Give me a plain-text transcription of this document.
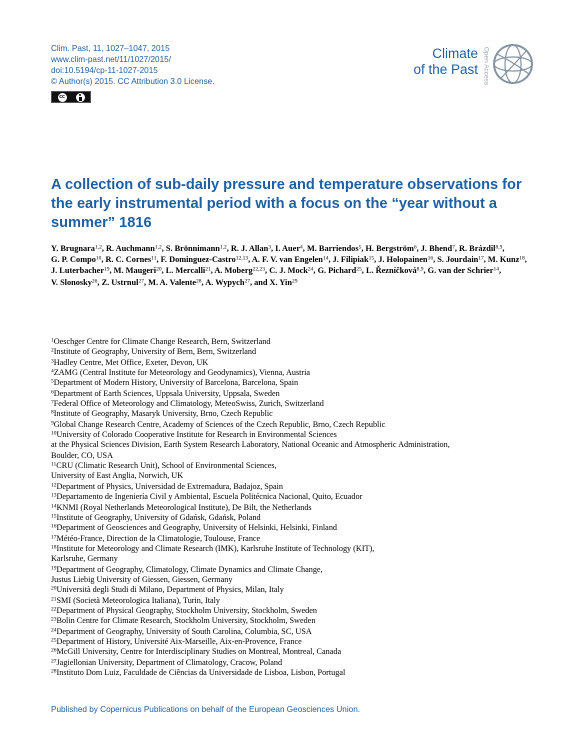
Clim. Past, 11, 1027–1047, 2015
www.clim-past.net/11/1027/2015/
doi:10.5194/cp-11-1027-2015
© Author(s) 2015. CC Attribution 3.0 License.
cc
Climate
of the Past Open Access
A collection of sub-daily pressure and temperature observations for the early instrumental period with a focus on the “year without a summer” 1816
Y. Brugnara$^{1,2}$, R. Auchmann$^{1,2}$, S. Brönnimann$^{1,2}$, R. J. Allan$^3$, I. Auer$^4$, M. Barriendos$^5$, H. Bergström$^6$, J. Bhend$^7$, R. Brázdil$^{8,9}$, G. P. Compo$^{10}$, R. C. Cornes$^{11}$, F. Dominguez-Castro$^{12,13}$, A. F. V. van Engelen$^{14}$, J. Filipiak$^{15}$, J. Holopainen$^{16}$, S. Jourdain$^{17}$, M. Kunz$^{18}$, J. Luterbacher$^{19}$, M. Maugeri$^{20}$, L. Mercalli$^{21}$, A. Moberg$^{22,23}$, C. J. Mock$^{24}$, G. Pichard$^{25}$, L. Řezníčková$^{8,9}$, G. van der Schrier$^{14}$, V. Slonosky$^{26}$, Z. Ustrnul$^{27}$, M. A. Valente$^{28}$, A. Wypych$^{27}$, and X. Yin$^{29}$
$^1$Oeschger Centre for Climate Change Research, Bern, Switzerland
$^2$Institute of Geography, University of Bern, Bern, Switzerland
$^3$Hadley Centre, Met Office, Exeter, Devon, UK
$^4$ZAMG (Central Institute for Meteorology and Geodynamics), Vienna, Austria
$^5$Department of Modern History, University of Barcelona, Barcelona, Spain
$^6$Department of Earth Sciences, Uppsala University, Uppsala, Sweden
$^7$Federal Office of Meteorology and Climatology, MeteoSwiss, Zurich, Switzerland
$^8$Institute of Geography, Masaryk University, Brno, Czech Republic
$^9$Global Change Research Centre, Academy of Sciences of the Czech Republic, Brno, Czech Republic
$^{10}$University of Colorado Cooperative Institute for Research in Environmental Sciences
at the Physical Sciences Division, Earth System Research Laboratory, National Oceanic and Atmospheric Administration,
Boulder, CO, USA
$^{11}$CRU (Climatic Research Unit), School of Environmental Sciences,
University of East Anglia, Norwich, UK
$^{12}$Department of Physics, Universidad de Extremadura, Badajoz, Spain
$^{13}$Departamento de Ingeniería Civil y Ambiental, Escuela Politécnica Nacional, Quito, Ecuador
$^{14}$KNMI (Royal Netherlands Meteorological Institute), De Bilt, the Netherlands
$^{15}$Institute of Geography, University of Gdańsk, Gdańsk, Poland
$^{16}$Department of Geosciences and Geography, University of Helsinki, Helsinki, Finland
$^{17}$Météo-France, Direction de la Climatologie, Toulouse, France
$^{18}$Institute for Meteorology and Climate Research (IMK), Karlsruhe Institute of Technology (KIT),
Karlsruhe, Germany
$^{19}$Department of Geography, Climatology, Climate Dynamics and Climate Change,
Justus Liebig University of Giessen, Giessen, Germany
$^{20}$Università degli Studi di Milano, Department of Physics, Milan, Italy
$^{21}$SMI (Società Meteorologica Italiana), Turin, Italy
$^{22}$Department of Physical Geography, Stockholm University, Stockholm, Sweden
$^{23}$Bolin Centre for Climate Research, Stockholm University, Stockholm, Sweden
$^{24}$Department of Geography, University of South Carolina, Columbia, SC, USA
$^{25}$Department of History, Université Aix-Marseille, Aix-en-Provence, France
$^{26}$McGill University, Centre for Interdisciplinary Studies on Montreal, Montreal, Canada
$^{27}$Jagiellonian University, Department of Climatology, Cracow, Poland
$^{28}$Instituto Dom Luiz, Faculdade de Ciências da Universidade de Lisboa, Lisbon, Portugal
Published by Copernicus Publications on behalf of the European Geosciences Union.
